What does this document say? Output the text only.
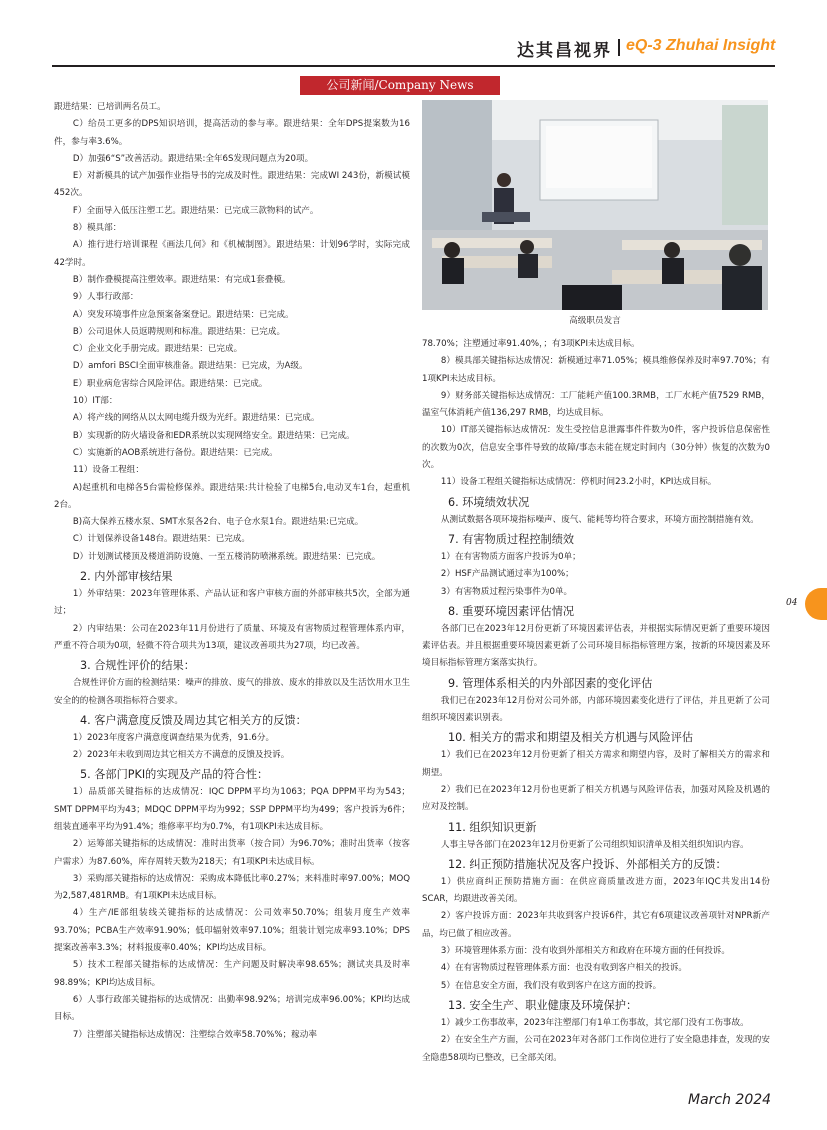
达其昌视界 eQ-3 Zhuhai Insight
公司新闻/Company News

跟进结果：已培训两名员工。

C）给员工更多的DPS知识培训，提高活动的参与率。跟进结果：全年DPS提案数为16件，参与率3.6%。

D）加强6“S”改善活动。跟进结果:全年6S发现问题点为20项。

E）对新模具的试产加强作业指导书的完成及时性。跟进结果：完成WI 243份，新模试模452次。

F）全面导入低压注塑工艺。跟进结果：已完成三款物料的试产。

8）模具部：

A）推行进行培训课程《画法几何》和《机械制图》。跟进结果：计划96学时，实际完成42学时。

B）制作叠模提高注塑效率。跟进结果：有完成1套叠模。

9）人事行政部：

A）突发环境事件应急预案备案登记。跟进结果：已完成。

B）公司退休人员返聘规则和标准。跟进结果：已完成。

C）企业文化手册完成。跟进结果：已完成。

D）amfori BSCI全面审核准备。跟进结果：已完成，为A级。

E）职业病危害综合风险评估。跟进结果：已完成。

10）IT部：

A）将产线的网络从以太网电缆升级为光纤。跟进结果：已完成。

B）实现新的防火墙设备和EDR系统以实现网络安全。跟进结果：已完成。

C）实施新的AOB系统进行备份。跟进结果：已完成。

11）设备工程组：

A)起重机和电梯各5台需检修保养。跟进结果:共计检验了电梯5台,电动叉车1台，起重机2台。

B)高大保养五楼水泵、SMT水泵各2台、电子仓水泵1台。跟进结果:已完成。

C）计划保养设备148台。跟进结果：已完成。

D）计划测试楼顶及楼道消防设施、一至五楼消防喷淋系统。跟进结果：已完成。

2. 内外部审核结果

1）外审结果：2023年管理体系、产品认证和客户审核方面的外部审核共5次，全部为通过；

2）内审结果：公司在2023年11月份进行了质量、环境及有害物质过程管理体系内审，严重不符合项为0项，轻微不符合项共为13项，建议改善项共为27项，均已改善。

3. 合规性评价的结果：

合规性评价方面的检测结果：噪声的排放、废气的排放、废水的排放以及生活饮用水卫生安全的的检测各项指标符合要求。

4. 客户满意度反馈及周边其它相关方的反馈：

1）2023年度客户满意度调查结果为优秀，91.6分。

2）2023年未收到周边其它相关方不满意的反馈及投诉。

5. 各部门PKI的实现及产品的符合性：

1）品质部关键指标的达成情况：IQC DPPM平均为1063；PQA DPPM平均为543；SMT DPPM平均为43；MDQC DPPM平均为992；SSP DPPM平均为499；客户投诉为6件；组装直通率平均为91.4%；维修率平均为0.7%，有1项KPI未达成目标。

2）运筹部关键指标的达成情况：准时出货率（按合同）为96.70%；准时出货率（按客户需求）为87.60%，库存周转天数为218天；有1项KPI未达成目标。

3）采购部关键指标的达成情况：采购成本降低比率0.27%；来料准时率97.00%；MOQ为2,587,481RMB。有1项KPI未达成目标。

4）生产/IE部组装线关键指标的达成情况：公司效率50.70%；组装月度生产效率93.70%；PCBA生产效率91.90%；低印辐射效率97.10%；组装计划完成率93.10%；DPS提案改善率3.3%；材料报废率0.40%；KPI均达成目标。

5）技术工程部关键指标的达成情况：生产问题及时解决率98.65%；测试夹具及时率98.89%；KPI均达成目标。

6）人事行政部关键指标的达成情况：出勤率98.92%；培训完成率96.00%；KPI均达成目标。

7）注塑部关键指标达成情况：注塑综合效率58.70%%；稼动率

高级职员发言

78.70%；注塑通过率91.40%，；有3项KPI未达成目标。

8）模具部关键指标达成情况：新模通过率71.05%；模具维修保养及时率97.70%；有1项KPI未达成目标。

9）财务部关键指标达成情况：工厂能耗产值100.3RMB，工厂水耗产值7529 RMB，温室气体消耗产值136,297 RMB，均达成目标。

10）IT部关键指标达成情况：发生受控信息泄露事件件数为0件，客户投诉信息保密性的次数为0次，信息安全事件导致的故障/事态未能在规定时间内（30分钟）恢复的次数为0次。

11）设备工程组关键指标达成情况：停机时间23.2小时，KPI达成目标。

6. 环境绩效状况

从测试数据各项环境指标噪声、废气、能耗等均符合要求，环境方面控制措施有效。

7. 有害物质过程控制绩效

1）在有害物质方面客户投诉为0单；

2）HSF产品测试通过率为100%；

3）有害物质过程污染事件为0单。

8. 重要环境因素评估情况

各部门已在2023年12月份更新了环境因素评估表，并根据实际情况更新了重要环境因素评估表。并且根据重要环境因素更新了公司环境目标指标管理方案，按新的环境因素及环境目标指标管理方案落实执行。

9. 管理体系相关的内外部因素的变化评估

我们已在2023年12月份对公司外部，内部环境因素变化进行了评估，并且更新了公司组织环境因素识别表。

10. 相关方的需求和期望及相关方机遇与风险评估

1）我们已在2023年12月份更新了相关方需求和期望内容，及时了解相关方的需求和期望。

2）我们已在2023年12月份也更新了相关方机遇与风险评估表，加强对风险及机遇的应对及控制。

11. 组织知识更新

人事主导各部门在2023年12月份更新了公司组织知识清单及相关组织知识内容。

12. 纠正预防措施状况及客户投诉、外部相关方的反馈：

1）供应商纠正预防措施方面：在供应商质量改进方面，2023年IQC共发出14份SCAR，均跟进改善关闭。

2）客户投诉方面：2023年共收到客户投诉6件，其它有6项建议改善项针对NPR新产品，均已做了相应改善。

3）环境管理体系方面：没有收到外部相关方和政府在环境方面的任何投诉。

4）在有害物质过程管理体系方面：也没有收到客户相关的投诉。

5）在信息安全方面，我们没有收到客户在这方面的投诉。

13. 安全生产、职业健康及环境保护：

1）减少工伤事故率，2023年注塑部门有1单工伤事故，其它部门没有工伤事故。

2）在安全生产方面，公司在2023年对各部门工作岗位进行了安全隐患排查，发现的安全隐患58项均已整改，已全部关闭。

04
March 2024
